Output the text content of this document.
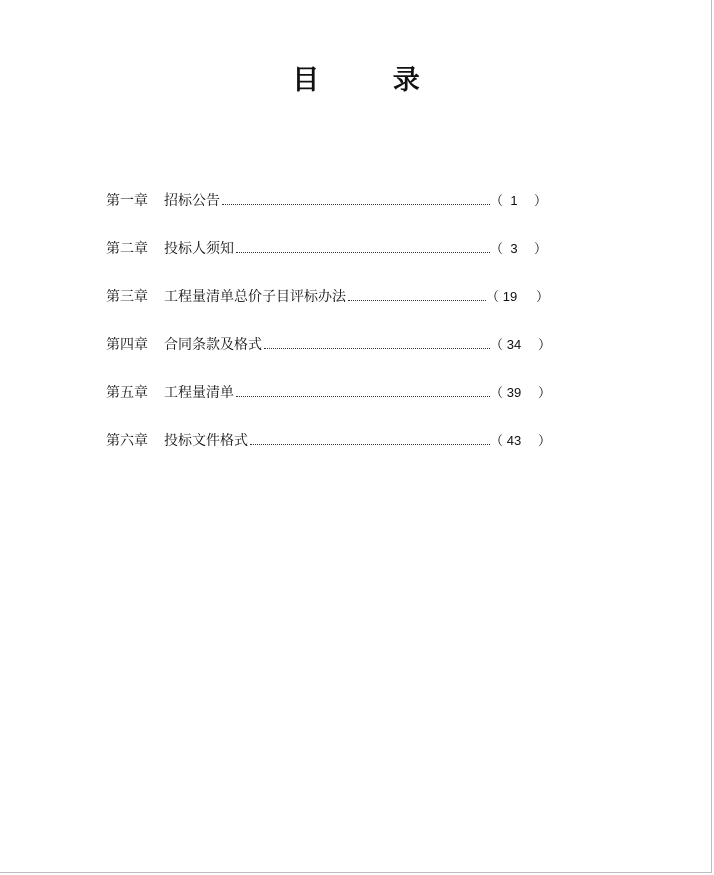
目 录
第一章 招标公告	（ 1	）
第二章 投标人须知	（ 3	）
第三章 工程量清单总价子目评标办法	（ 19	）
第四章 合同条款及格式	（ 34	）
第五章 工程量清单	（ 39	）
第六章 投标文件格式	（ 43	）
